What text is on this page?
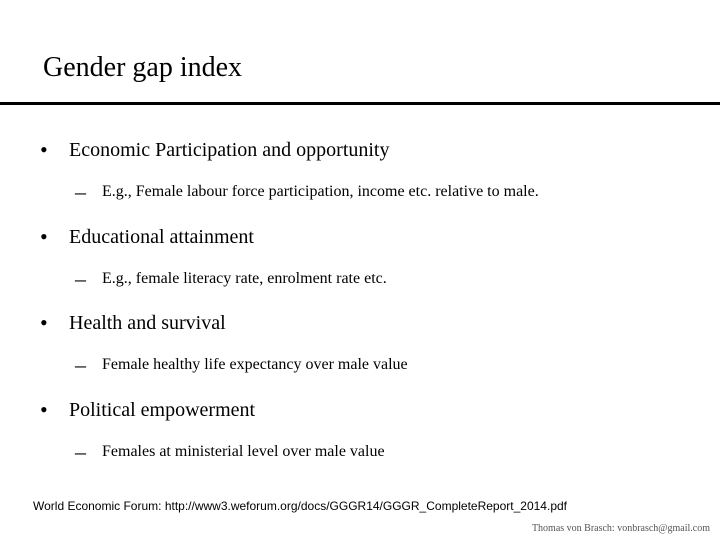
Gender gap index
• Economic Participation and opportunity
– E.g., Female labour force participation, income etc. relative to male.
• Educational attainment
– E.g., female literacy rate, enrolment rate etc.
• Health and survival
– Female healthy life expectancy over male value
• Political empowerment
– Females at ministerial level over male value
World Economic Forum: http://www3.weforum.org/docs/GGGR14/GGGR_CompleteReport_2014.pdf
Thomas von Brasch: vonbrasch@gmail.com
